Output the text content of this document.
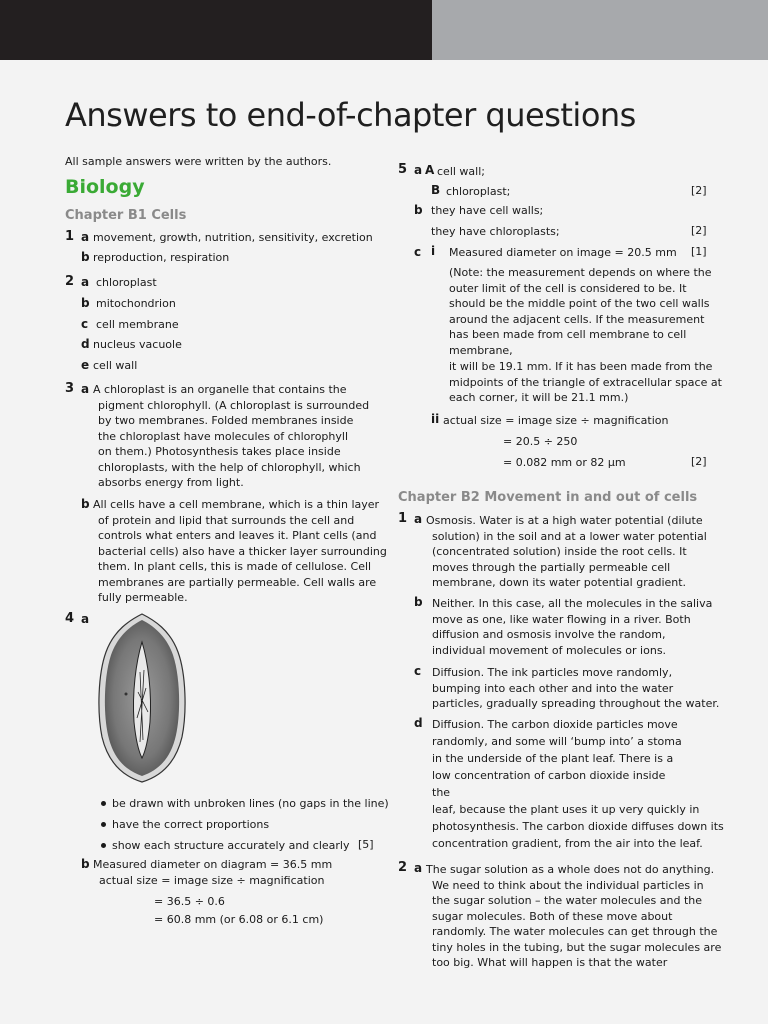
Answers to end-of-chapter questions
All sample answers were written by the authors.
Biology
Chapter B1 Cells
1 a movement, growth, nutrition, sensitivity, excretion
b reproduction, respiration
2 a chloroplast
b mitochondrion
c cell membrane
d nucleus vacuole
e cell wall
3 a A chloroplast is an organelle that contains the
pigment chlorophyll. (A chloroplast is surrounded
by two membranes. Folded membranes inside
the chloroplast have molecules of chlorophyll
on them.) Photosynthesis takes place inside
chloroplasts, with the help of chlorophyll, which
absorbs energy from light.
b All cells have a cell membrane, which is a thin layer
of protein and lipid that surrounds the cell and
controls what enters and leaves it. Plant cells (and
bacterial cells) also have a thicker layer surrounding
them. In plant cells, this is made of cellulose. Cell
membranes are partially permeable. Cell walls are
fully permeable.
4 a
be drawn with unbroken lines (no gaps in the line)
have the correct proportions
show each structure accurately and clearly [5]
b Measured diameter on diagram = 36.5 mm
actual size = image size ÷ magnification
= 36.5 ÷ 0.6
= 60.8 mm (or 6.08 or 6.1 cm)
5 a A cell wall;
B chloroplast;	[2]
b they have cell walls;
they have chloroplasts;	[2]
c i Measured diameter on image = 20.5 mm [1]
(Note: the measurement depends on where the
outer limit of the cell is considered to be. It
should be the middle point of the two cell walls
around the adjacent cells. If the measurement
has been made from cell membrane to cell
membrane,
it will be 19.1 mm. If it has been made from the
midpoints of the triangle of extracellular space at
each corner, it will be 21.1 mm.)
ii actual size = image size ÷ magnification
= 20.5 ÷ 250
= 0.082 mm or 82 µm	[2]
Chapter B2 Movement in and out of cells
1 a Osmosis. Water is at a high water potential (dilute
solution) in the soil and at a lower water potential
(concentrated solution) inside the root cells. It
moves through the partially permeable cell
membrane, down its water potential gradient.
b Neither. In this case, all the molecules in the saliva
move as one, like water flowing in a river. Both
diffusion and osmosis involve the random,
individual movement of molecules or ions.
c Diffusion. The ink particles move randomly,
bumping into each other and into the water
particles, gradually spreading throughout the water.
d Diffusion. The carbon dioxide particles move
randomly, and some will ‘bump into’ a stoma
in the underside of the plant leaf. There is a
low concentration of carbon dioxide inside
the
leaf, because the plant uses it up very quickly in
photosynthesis. The carbon dioxide diffuses down its
concentration gradient, from the air into the leaf.
2 a The sugar solution as a whole does not do anything.
We need to think about the individual particles in
the sugar solution – the water molecules and the
sugar molecules. Both of these move about
randomly. The water molecules can get through the
tiny holes in the tubing, but the sugar molecules are
too big. What will happen is that the water
